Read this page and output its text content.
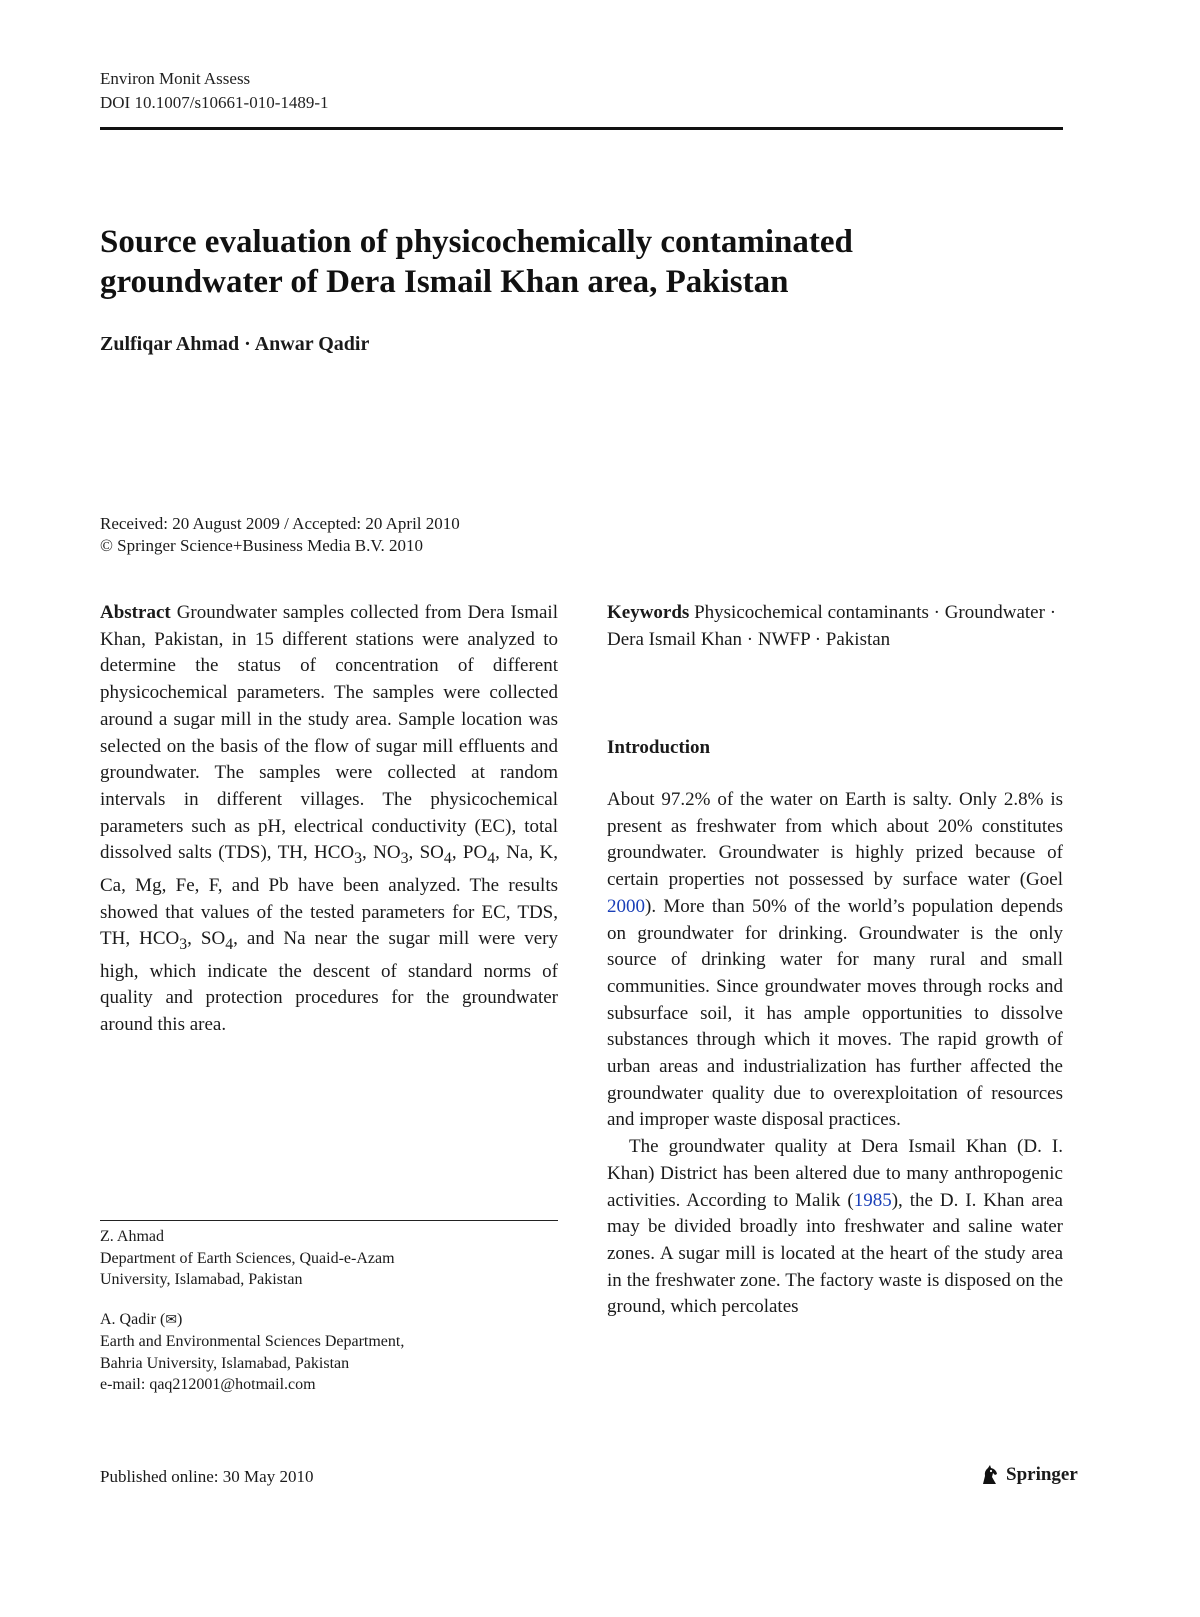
Environ Monit Assess
DOI 10.1007/s10661-010-1489-1
Source evaluation of physicochemically contaminated
groundwater of Dera Ismail Khan area, Pakistan
Zulfiqar Ahmad · Anwar Qadir
Received: 20 August 2009 / Accepted: 20 April 2010
© Springer Science+Business Media B.V. 2010
Abstract Groundwater samples collected from Dera Ismail Khan, Pakistan, in 15 different stations were analyzed to determine the status of concentration of different physicochemical parameters. The samples were collected around a sugar mill in the study area. Sample location was selected on the basis of the flow of sugar mill effluents and groundwater. The samples were collected at random intervals in different villages. The physicochemical parameters such as pH, electrical conductivity (EC), total dissolved salts (TDS), TH, $HCO_3$, $NO_3$, $SO_4$, $PO_4$, Na, K, Ca, Mg, Fe, F, and Pb have been analyzed. The results showed that values of the tested parameters for EC, TDS, TH, $HCO_3$, $SO_4$, and Na near the sugar mill were very high, which indicate the descent of standard norms of quality and protection procedures for the groundwater around this area.
Keywords Physicochemical contaminants · Groundwater · Dera Ismail Khan · NWFP · Pakistan
Introduction

About 97.2% of the water on Earth is salty. Only 2.8% is present as freshwater from which about 20% constitutes groundwater. Groundwater is highly prized because of certain properties not possessed by surface water (Goel 2000). More than 50% of the world’s population depends on groundwater for drinking. Groundwater is the only source of drinking water for many rural and small communities. Since groundwater moves through rocks and subsurface soil, it has ample opportunities to dissolve substances through which it moves. The rapid growth of urban areas and industrialization has further affected the groundwater quality due to overexploitation of resources and improper waste disposal practices.

The groundwater quality at Dera Ismail Khan (D. I. Khan) District has been altered due to many anthropogenic activities. According to Malik (1985), the D. I. Khan area may be divided broadly into freshwater and saline water zones. A sugar mill is located at the heart of the study area in the freshwater zone. The factory waste is disposed on the ground, which percolates

Z. Ahmad
Department of Earth Sciences, Quaid-e-Azam
University, Islamabad, Pakistan
A. Qadir (✉)
Earth and Environmental Sciences Department,
Bahria University, Islamabad, Pakistan
e-mail: qaq212001@hotmail.com
Published online: 30 May 2010	Springer
